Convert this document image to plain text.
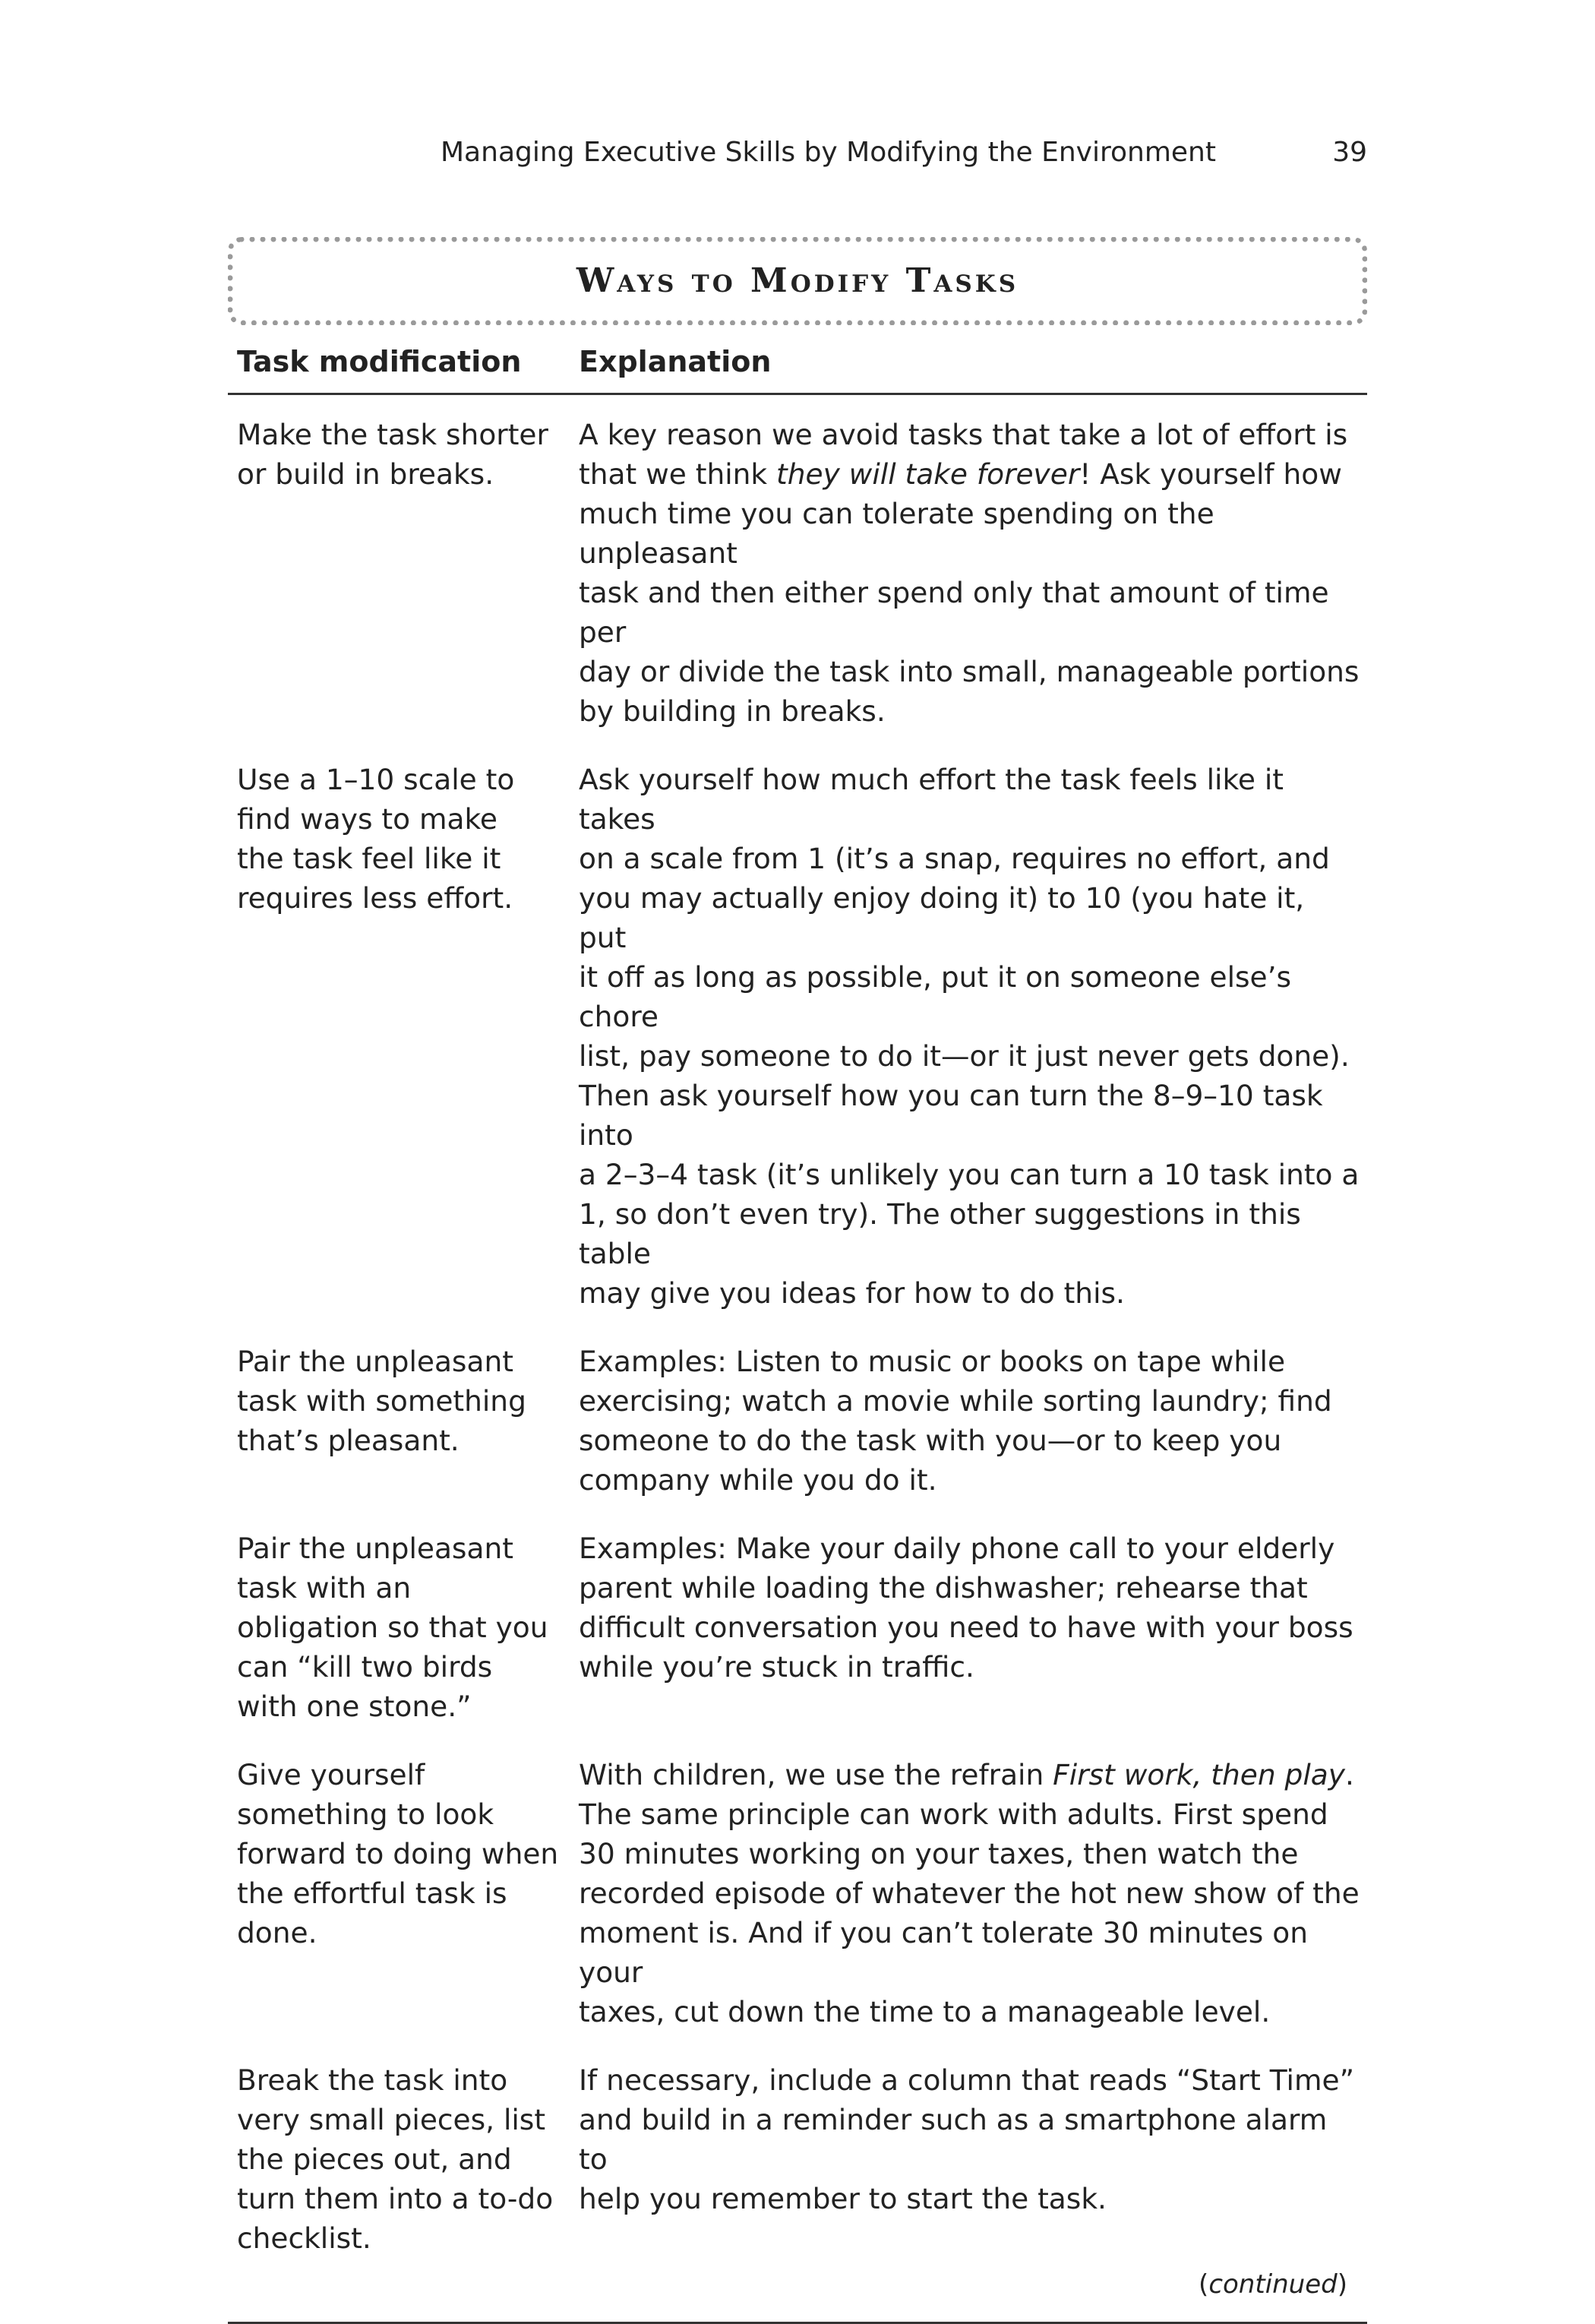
Managing Executive Skills by Modifying the Environment	39
Ways to Modify Tasks
Task modification	Explanation
Make the task shorter
or build in breaks.
A key reason we avoid tasks that take a lot of effort is
that we think they will take forever! Ask yourself how
much time you can tolerate spending on the unpleasant
task and then either spend only that amount of time per
day or divide the task into small, manageable portions
by building in breaks.
Use a 1–10 scale to
find ways to make
the task feel like it
requires less effort.
Ask yourself how much effort the task feels like it takes
on a scale from 1 (it’s a snap, requires no effort, and
you may actually enjoy doing it) to 10 (you hate it, put
it off as long as possible, put it on someone else’s chore
list, pay someone to do it—or it just never gets done).
Then ask yourself how you can turn the 8–9–10 task into
a 2–3–4 task (it’s unlikely you can turn a 10 task into a
1, so don’t even try). The other suggestions in this table
may give you ideas for how to do this.
Pair the unpleasant
task with something
that’s pleasant.
Examples: Listen to music or books on tape while
exercising; watch a movie while sorting laundry; find
someone to do the task with you—or to keep you
company while you do it.
Pair the unpleasant
task with an
obligation so that you
can “kill two birds
with one stone.”
Examples: Make your daily phone call to your elderly
parent while loading the dishwasher; rehearse that
difficult conversation you need to have with your boss
while you’re stuck in traffic.
Give yourself
something to look
forward to doing when
the effortful task is
done.
With children, we use the refrain First work, then play.
The same principle can work with adults. First spend
30 minutes working on your taxes, then watch the
recorded episode of whatever the hot new show of the
moment is. And if you can’t tolerate 30 minutes on your
taxes, cut down the time to a manageable level.
Break the task into
very small pieces, list
the pieces out, and
turn them into a to-do
checklist.
If necessary, include a column that reads “Start Time”
and build in a reminder such as a smartphone alarm to
help you remember to start the task.
(continued)
